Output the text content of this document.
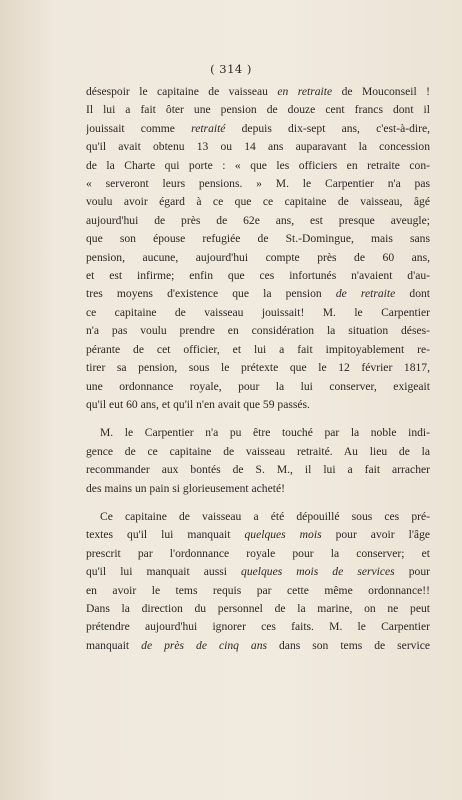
( 314 )
désespoir le capitaine de vaisseau en retraite de Mouconseil !
Il lui a fait ôter une pension de douze cent francs dont il
jouissait comme retraité depuis dix-sept ans, c'est-à-dire,
qu'il avait obtenu 13 ou 14 ans auparavant la concession
de la Charte qui porte : « que les officiers en retraite con-
« serveront leurs pensions. » M. le Carpentier n'a pas
voulu avoir égard à ce que ce capitaine de vaisseau, âgé
aujourd'hui de près de 62e ans, est presque aveugle;
que son épouse refugiée de St.-Domingue, mais sans
pension, aucune, aujourd'hui compte près de 60 ans,
et est infirme; enfin que ces infortunés n'avaient d'au-
tres moyens d'existence que la pension de retraite dont
ce capitaine de vaisseau jouissait! M. le Carpentier
n'a pas voulu prendre en considération la situation déses-
pérante de cet officier, et lui a fait impitoyablement re-
tirer sa pension, sous le prétexte que le 12 février 1817,
une ordonnance royale, pour la lui conserver, exigeait
qu'il eut 60 ans, et qu'il n'en avait que 59 passés.
M. le Carpentier n'a pu être touché par la noble indi-
gence de ce capitaine de vaisseau retraité. Au lieu de la
recommander aux bontés de S. M., il lui a fait arracher
des mains un pain si glorieusement acheté!
Ce capitaine de vaisseau a été dépouillé sous ces pré-
textes qu'il lui manquait quelques mois pour avoir l'âge
prescrit par l'ordonnance royale pour la conserver; et
qu'il lui manquait aussi quelques mois de services pour
en avoir le tems requis par cette même ordonnance!!
Dans la direction du personnel de la marine, on ne peut
prétendre aujourd'hui ignorer ces faits. M. le Carpentier
manquait de près de cinq ans dans son tems de service
